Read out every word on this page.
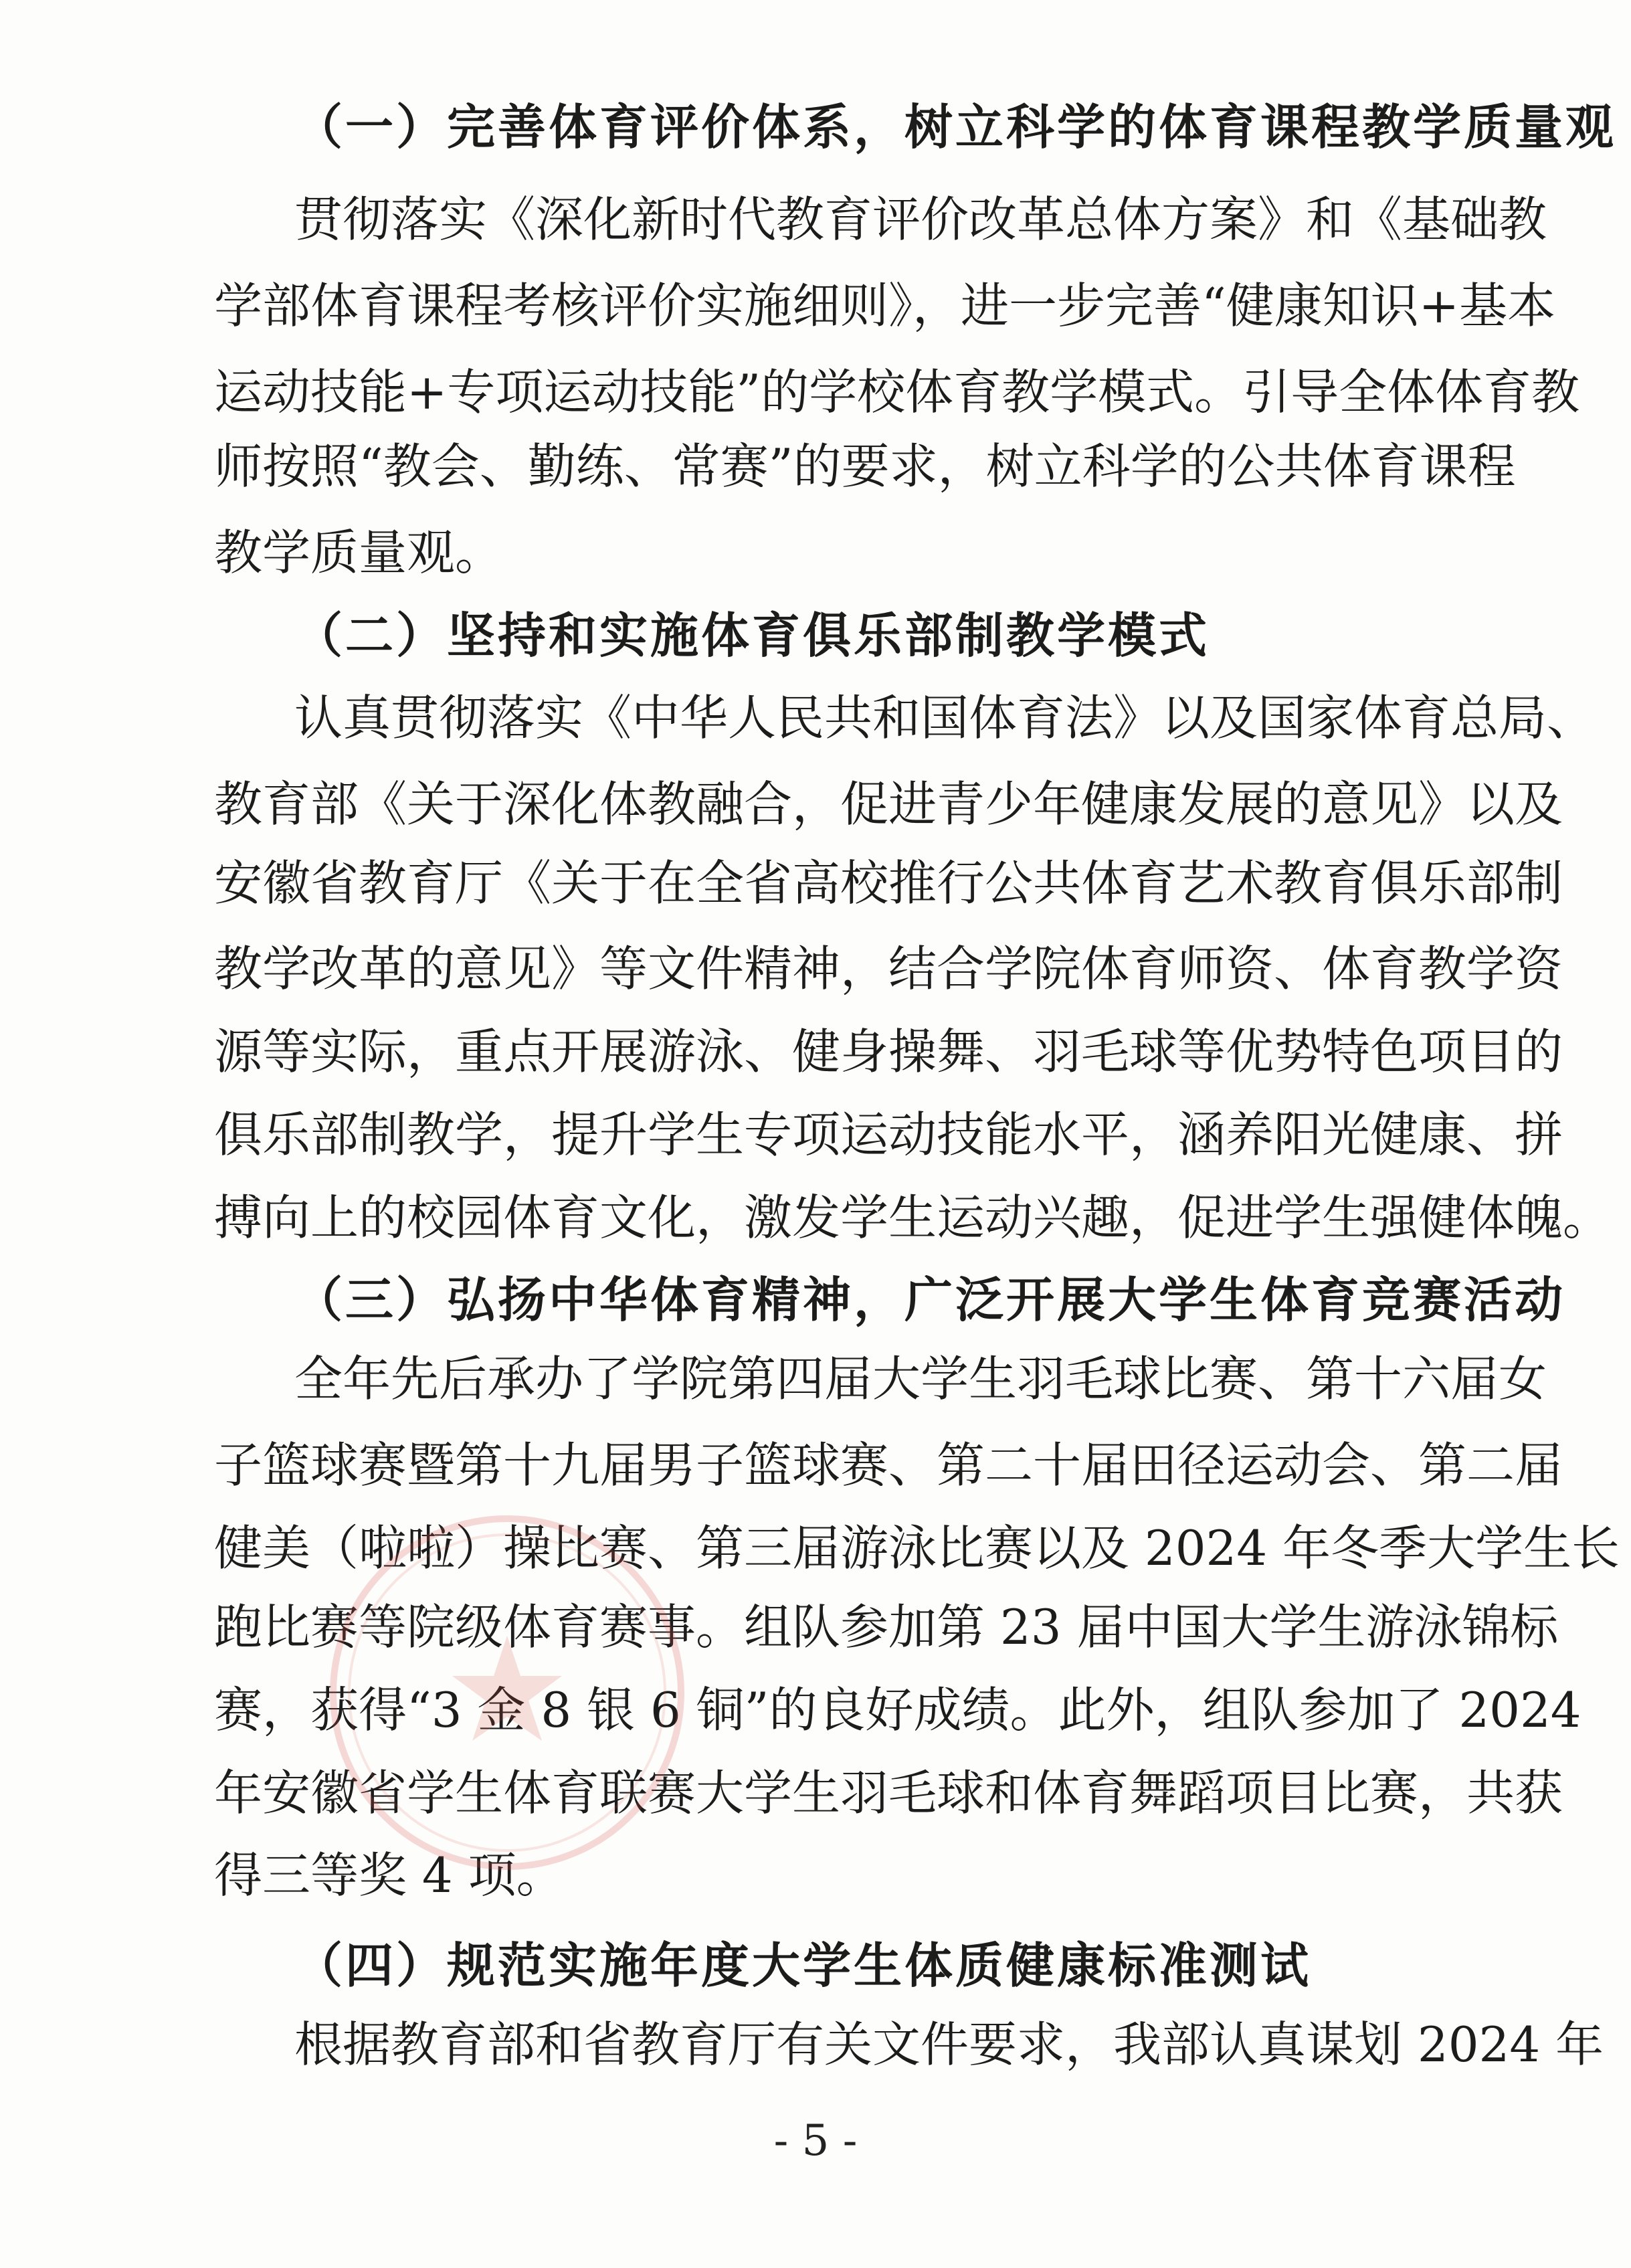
（一）完善体育评价体系，树立科学的体育课程教学质量观
贯彻落实《深化新时代教育评价改革总体方案》和《基础教
学部体育课程考核评价实施细则》，进一步完善“健康知识+基本
运动技能+专项运动技能”的学校体育教学模式。引导全体体育教
师按照“教会、勤练、常赛”的要求，树立科学的公共体育课程
教学质量观。
（二）坚持和实施体育俱乐部制教学模式
认真贯彻落实《中华人民共和国体育法》以及国家体育总局、
教育部《关于深化体教融合，促进青少年健康发展的意见》以及
安徽省教育厅《关于在全省高校推行公共体育艺术教育俱乐部制
教学改革的意见》等文件精神，结合学院体育师资、体育教学资
源等实际，重点开展游泳、健身操舞、羽毛球等优势特色项目的
俱乐部制教学，提升学生专项运动技能水平，涵养阳光健康、拼
搏向上的校园体育文化，激发学生运动兴趣，促进学生强健体魄。
（三）弘扬中华体育精神，广泛开展大学生体育竞赛活动
全年先后承办了学院第四届大学生羽毛球比赛、第十六届女
子篮球赛暨第十九届男子篮球赛、第二十届田径运动会、第二届
健美（啦啦）操比赛、第三届游泳比赛以及 2024 年冬季大学生长
跑比赛等院级体育赛事。组队参加第 23 届中国大学生游泳锦标
赛，获得“3 金 8 银 6 铜”的良好成绩。此外，组队参加了 2024
年安徽省学生体育联赛大学生羽毛球和体育舞蹈项目比赛，共获
得三等奖 4 项。
（四）规范实施年度大学生体质健康标准测试
根据教育部和省教育厅有关文件要求，我部认真谋划 2024 年
- 5 -
